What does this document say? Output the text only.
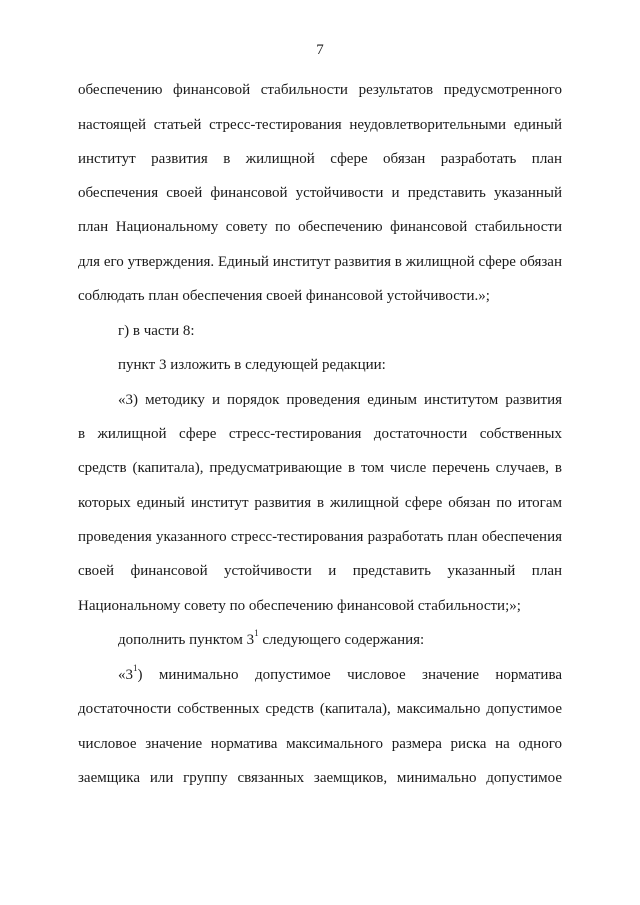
7

обеспечению финансовой стабильности результатов предусмотренного

настоящей статьей стресс-тестирования неудовлетворительными единый

институт развития в жилищной сфере обязан разработать план

обеспечения своей финансовой устойчивости и представить указанный

план Национальному совету по обеспечению финансовой стабильности

для его утверждения. Единый институт развития в жилищной сфере обязан

соблюдать план обеспечения своей финансовой устойчивости.»;

г) в части 8:

пункт 3 изложить в следующей редакции:

«3) методику и порядок проведения единым институтом развития

в жилищной сфере стресс-тестирования достаточности собственных

средств (капитала), предусматривающие в том числе перечень случаев, в

которых единый институт развития в жилищной сфере обязан по итогам

проведения указанного стресс-тестирования разработать план обеспечения

своей финансовой устойчивости и представить указанный план

Национальному совету по обеспечению финансовой стабильности;»;

дополнить пунктом $3^1$ следующего содержания:

«$3^1$) минимально допустимое числовое значение норматива

достаточности собственных средств (капитала), максимально допустимое

числовое значение норматива максимального размера риска на одного

заемщика или группу связанных заемщиков, минимально допустимое
